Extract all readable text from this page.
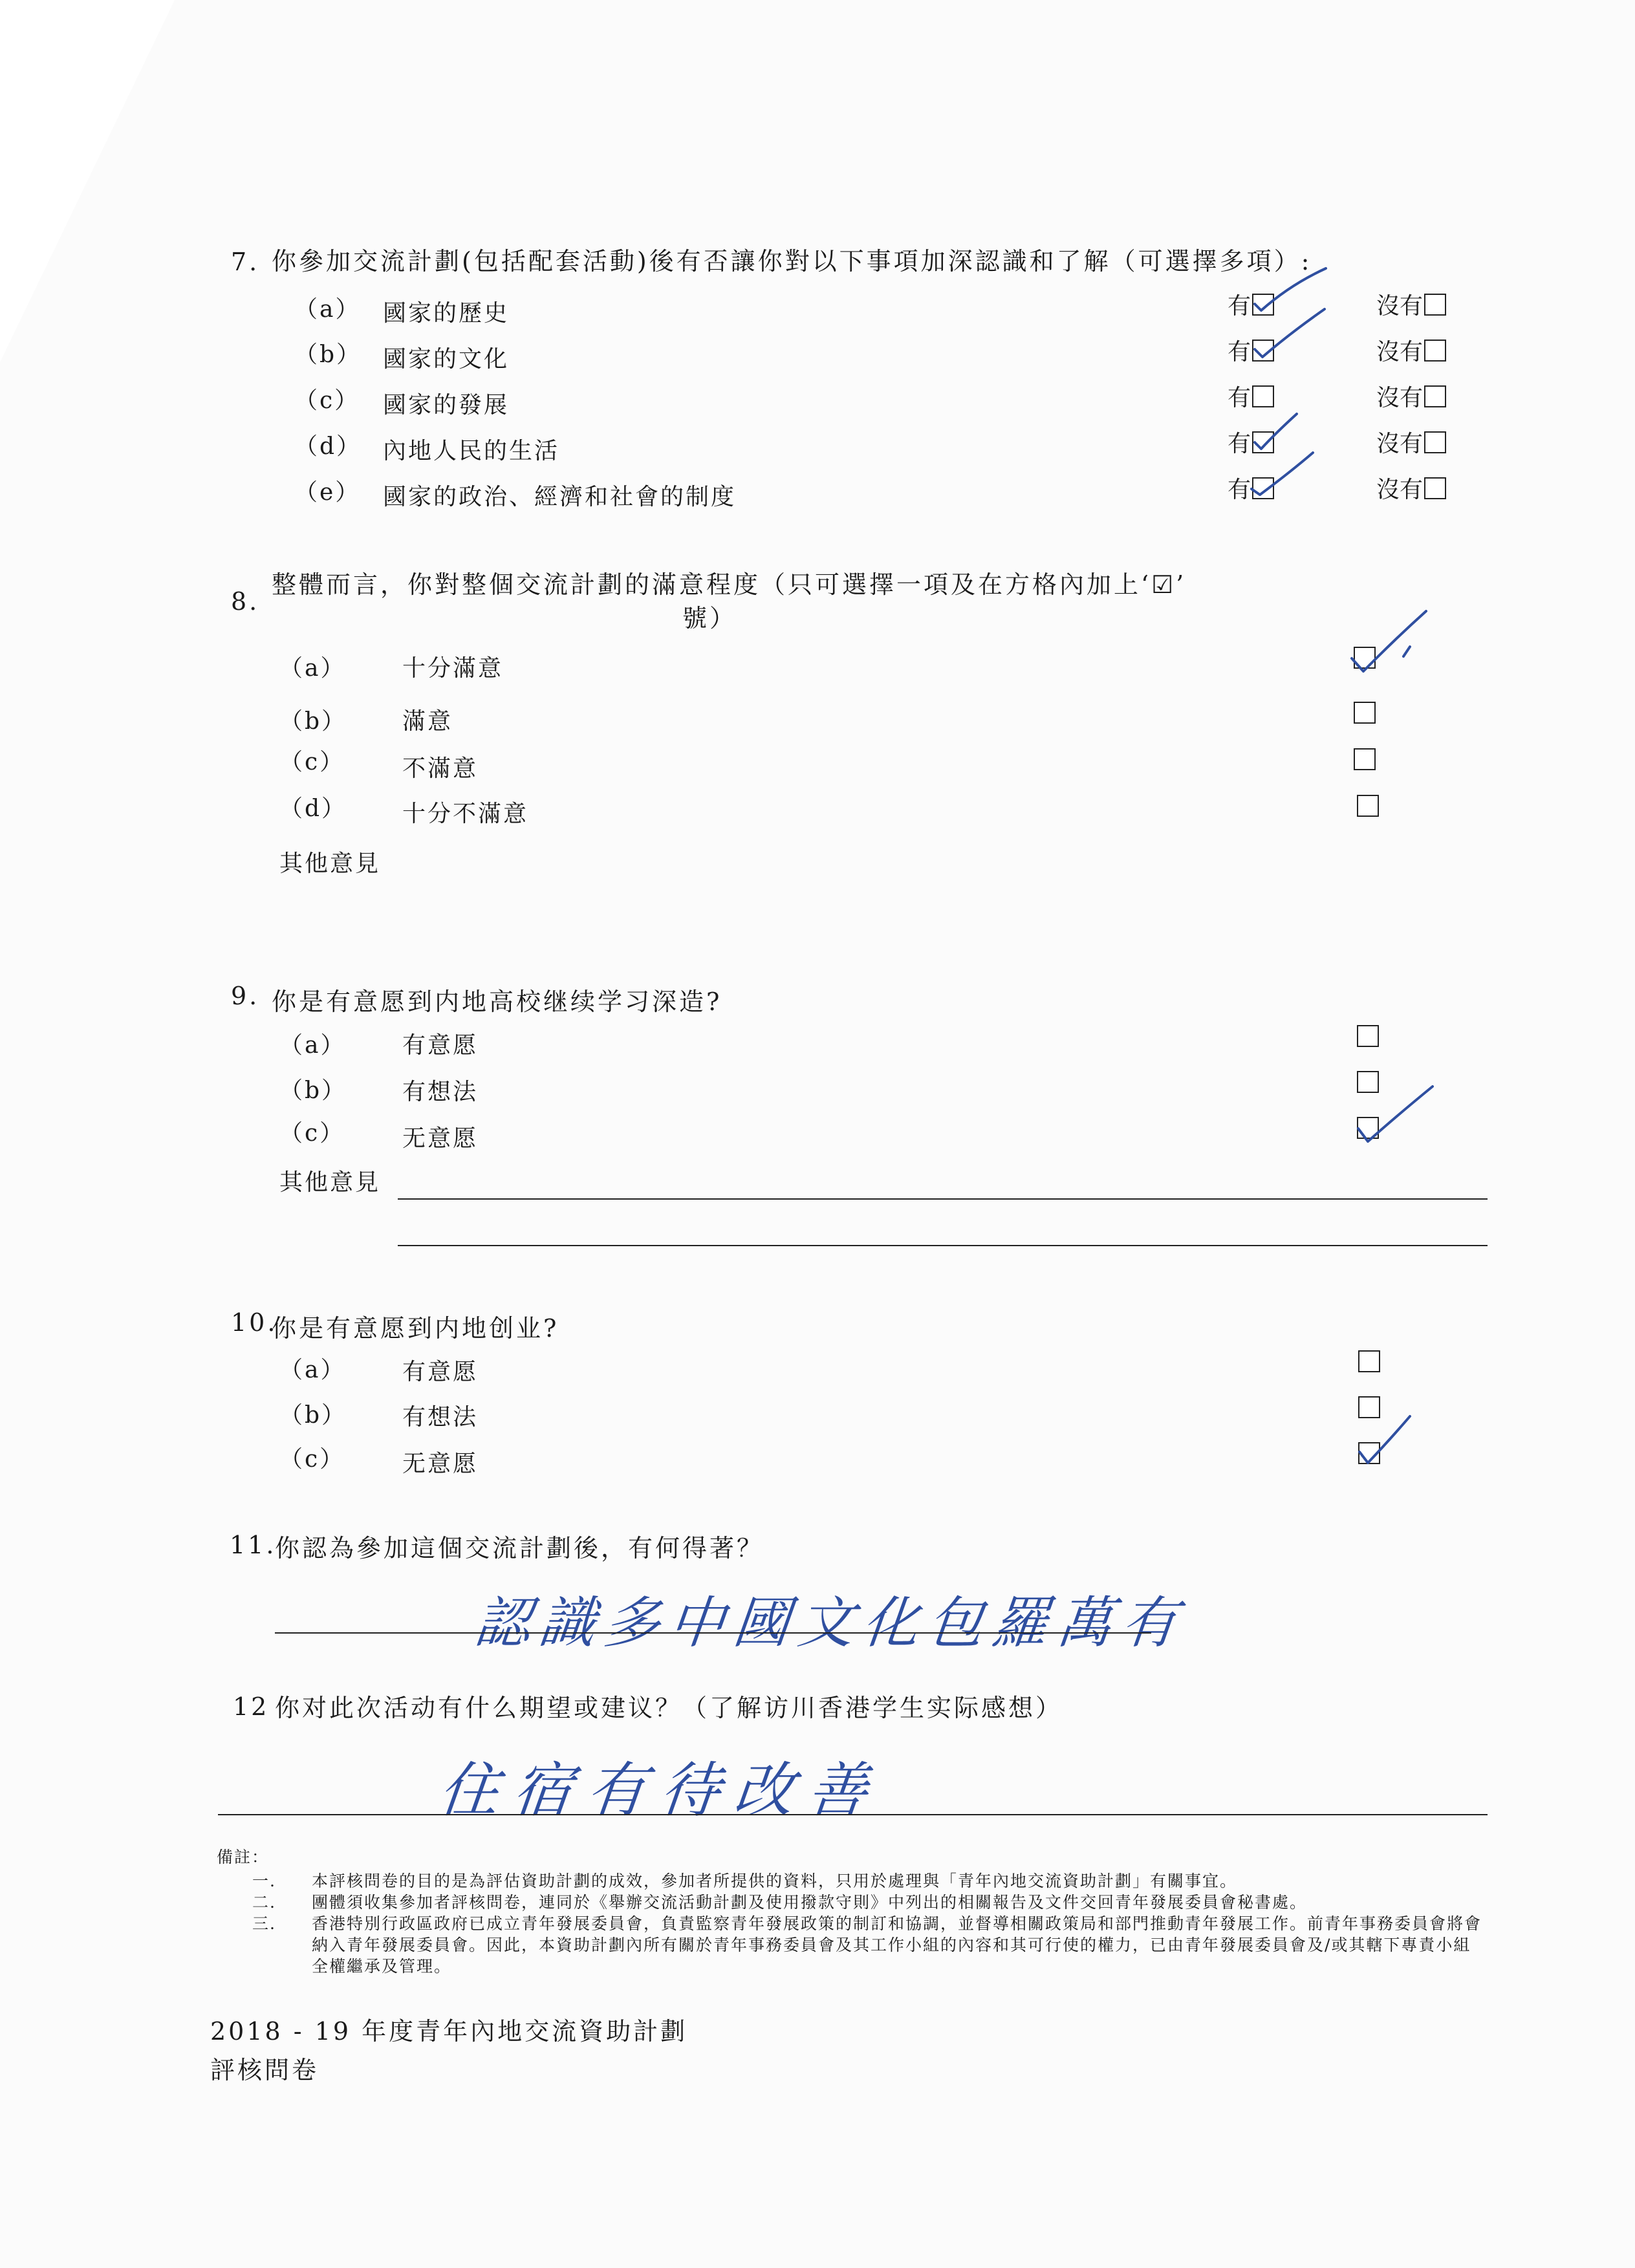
7. 你參加交流計劃(包括配套活動)後有否讓你對以下事項加深認識和了解（可選擇多項）:
（a） 國家的歷史	有	沒有
（b） 國家的文化	有	沒有
（c） 國家的發展	有	沒有
（d） 內地人民的生活	有	沒有
（e） 國家的政治、經濟和社會的制度	有	沒有
8.
整體而言，你對整個交流計劃的滿意程度（只可選擇一項及在方格內加上‘☑’
號）
（a） 十分滿意
（b） 滿意
（c） 不滿意
（d） 十分不滿意
其他意見
9. 你是有意愿到内地高校继续学习深造?
（a） 有意愿
（b） 有想法
（c） 无意愿
其他意見
10.
你是有意愿到内地创业?
（a） 有意愿
（b） 有想法
（c） 无意愿
11.
你認為參加這個交流計劃後，有何得著？
認識多中國文化包羅萬有
12 你对此次活动有什么期望或建议？（了解访川香港学生实际感想）
住宿有待改善
備註：
一.	本評核問卷的目的是為評估資助計劃的成效，參加者所提供的資料，只用於處理與「青年內地交流資助計劃」有關事宜。
二.	團體須收集參加者評核問卷，連同於《舉辦交流活動計劃及使用撥款守則》中列出的相關報告及文件交回青年發展委員會秘書處。
三.	香港特別行政區政府已成立青年發展委員會，負責監察青年發展政策的制訂和協調，並督導相關政策局和部門推動青年發展工作。前青年事務委員會將會納入青年發展委員會。因此，本資助計劃內所有關於青年事務委員會及其工作小組的內容和其可行使的權力，已由青年發展委員會及/或其轄下專責小組全權繼承及管理。
2018 - 19 年度青年內地交流資助計劃
評核問卷
